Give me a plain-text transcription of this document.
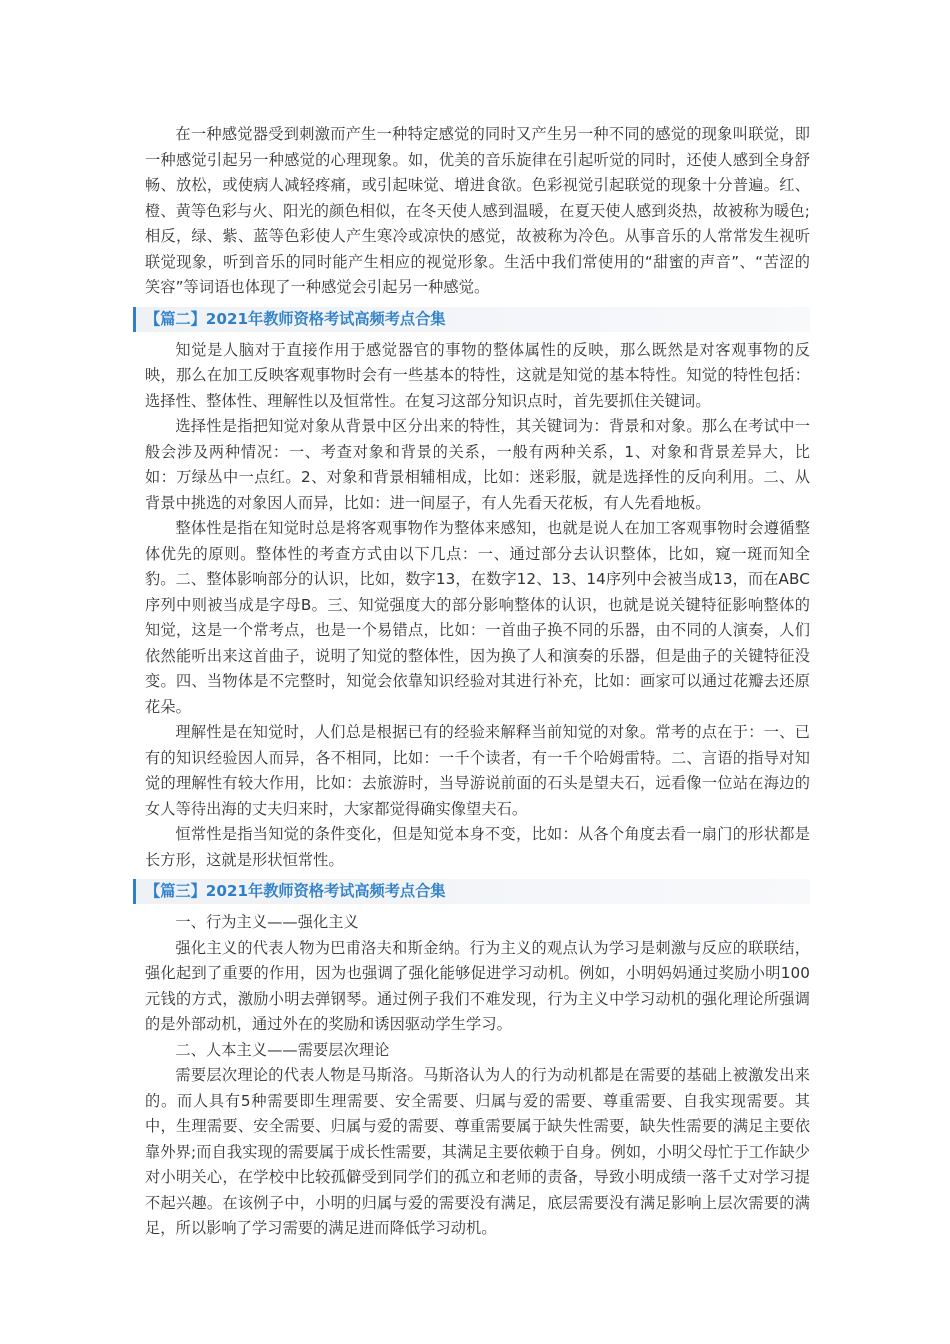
在一种感觉器受到刺激而产生一种特定感觉的同时又产生另一种不同的感觉的现象叫联觉，即一种感觉引起另一种感觉的心理现象。如，优美的音乐旋律在引起听觉的同时，还使人感到全身舒畅、放松，或使病人减轻疼痛，或引起味觉、增进食欲。色彩视觉引起联觉的现象十分普遍。红、橙、黄等色彩与火、阳光的颜色相似，在冬天使人感到温暖，在夏天使人感到炎热，故被称为暖色;相反，绿、紫、蓝等色彩使人产生寒冷或凉快的感觉，故被称为冷色。从事音乐的人常常发生视听联觉现象，听到音乐的同时能产生相应的视觉形象。生活中我们常使用的“甜蜜的声音”、“苦涩的笑容”等词语也体现了一种感觉会引起另一种感觉。

【篇二】2021年教师资格考试高频考点合集

知觉是人脑对于直接作用于感觉器官的事物的整体属性的反映，那么既然是对客观事物的反映，那么在加工反映客观事物时会有一些基本的特性，这就是知觉的基本特性。知觉的特性包括：选择性、整体性、理解性以及恒常性。在复习这部分知识点时，首先要抓住关键词。

选择性是指把知觉对象从背景中区分出来的特性，其关键词为：背景和对象。那么在考试中一般会涉及两种情况：一、考查对象和背景的关系，一般有两种关系，1、对象和背景差异大，比如：万绿丛中一点红。2、对象和背景相辅相成，比如：迷彩服，就是选择性的反向利用。二、从背景中挑选的对象因人而异，比如：进一间屋子，有人先看天花板，有人先看地板。

整体性是指在知觉时总是将客观事物作为整体来感知，也就是说人在加工客观事物时会遵循整体优先的原则。整体性的考查方式由以下几点：一、通过部分去认识整体，比如，窥一斑而知全豹。二、整体影响部分的认识，比如，数字13，在数字12、13、14序列中会被当成13，而在ABC序列中则被当成是字母B。三、知觉强度大的部分影响整体的认识，也就是说关键特征影响整体的知觉，这是一个常考点，也是一个易错点，比如：一首曲子换不同的乐器，由不同的人演奏，人们依然能听出来这首曲子，说明了知觉的整体性，因为换了人和演奏的乐器，但是曲子的关键特征没变。四、当物体是不完整时，知觉会依靠知识经验对其进行补充，比如：画家可以通过花瓣去还原花朵。

理解性是在知觉时，人们总是根据已有的经验来解释当前知觉的对象。常考的点在于：一、已有的知识经验因人而异，各不相同，比如：一千个读者，有一千个哈姆雷特。二、言语的指导对知觉的理解性有较大作用，比如：去旅游时，当导游说前面的石头是望夫石，远看像一位站在海边的女人等待出海的丈夫归来时，大家都觉得确实像望夫石。

恒常性是指当知觉的条件变化，但是知觉本身不变，比如：从各个角度去看一扇门的形状都是长方形，这就是形状恒常性。

【篇三】2021年教师资格考试高频考点合集

一、行为主义——强化主义

强化主义的代表人物为巴甫洛夫和斯金纳。行为主义的观点认为学习是刺激与反应的联联结，强化起到了重要的作用，因为也强调了强化能够促进学习动机。例如，小明妈妈通过奖励小明100元钱的方式，激励小明去弹钢琴。通过例子我们不难发现，行为主义中学习动机的强化理论所强调的是外部动机，通过外在的奖励和诱因驱动学生学习。

二、人本主义——需要层次理论

需要层次理论的代表人物是马斯洛。马斯洛认为人的行为动机都是在需要的基础上被激发出来的。而人具有5种需要即生理需要、安全需要、归属与爱的需要、尊重需要、自我实现需要。其中，生理需要、安全需要、归属与爱的需要、尊重需要属于缺失性需要，缺失性需要的满足主要依靠外界;而自我实现的需要属于成长性需要，其满足主要依赖于自身。例如，小明父母忙于工作缺少对小明关心，在学校中比较孤僻受到同学们的孤立和老师的责备，导致小明成绩一落千丈对学习提不起兴趣。在该例子中，小明的归属与爱的需要没有满足，底层需要没有满足影响上层次需要的满足，所以影响了学习需要的满足进而降低学习动机。
